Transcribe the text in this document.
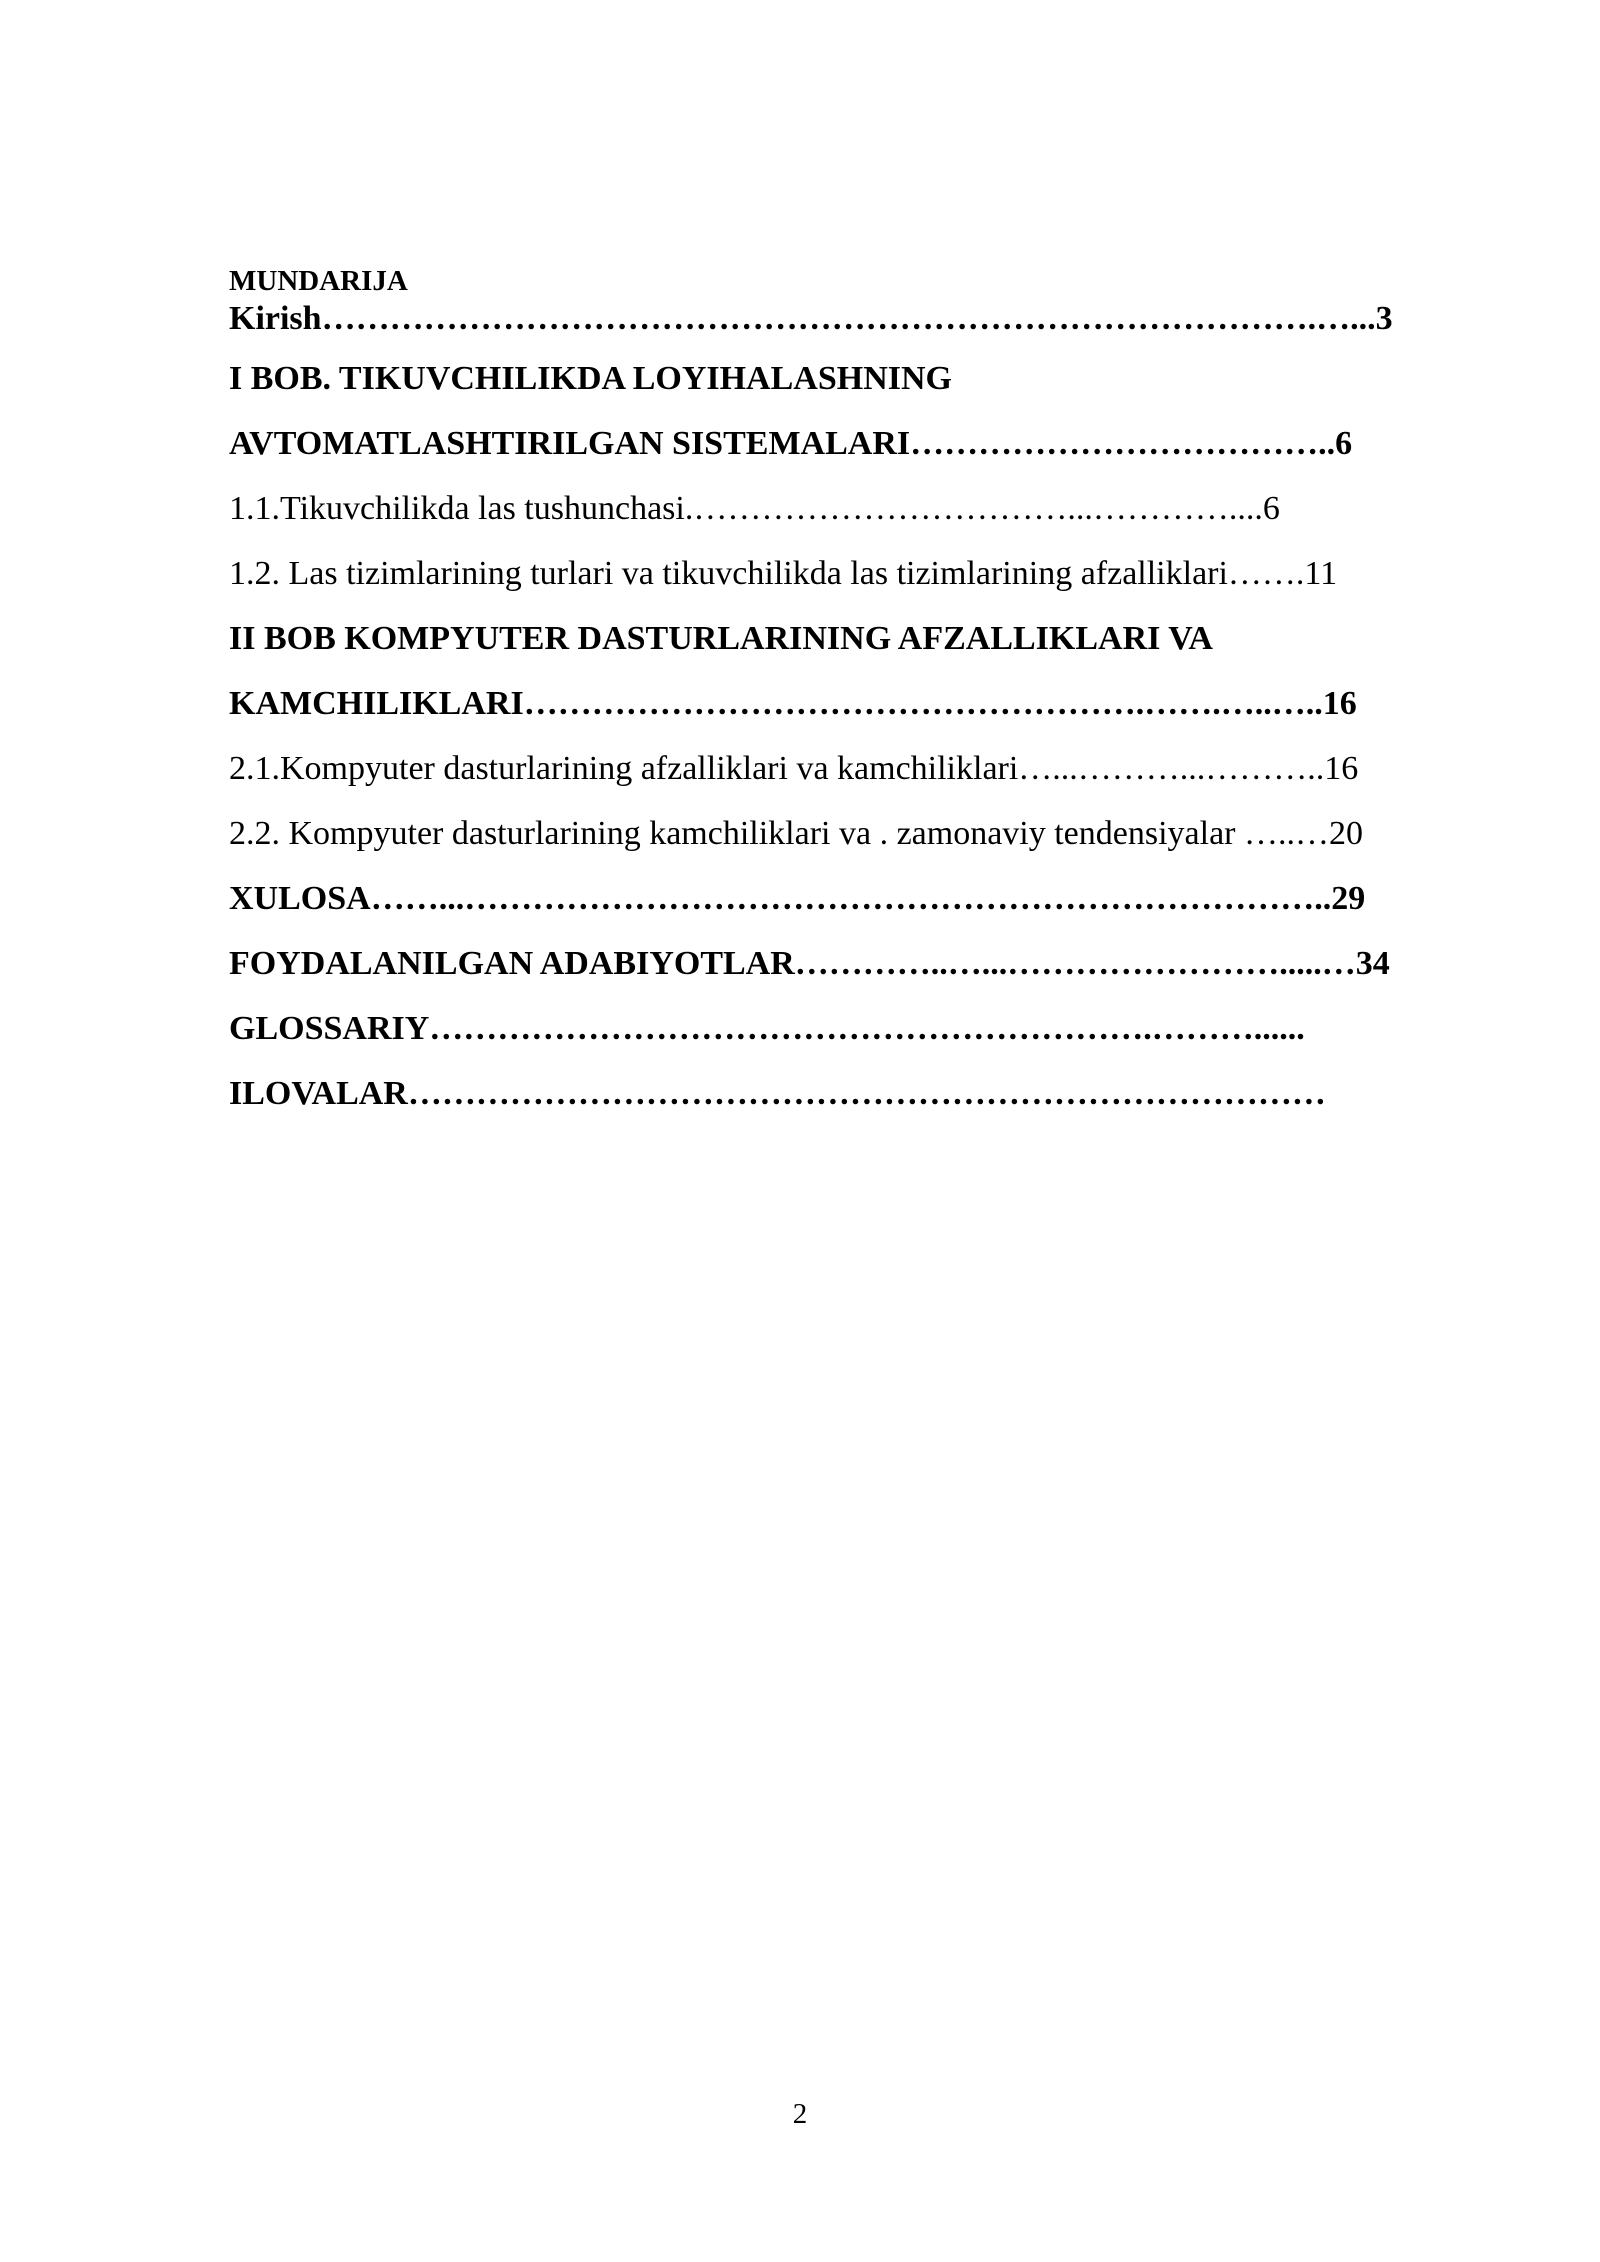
MUNDARIJA
Kirish…………………………………………………………………………….…...3
I BOB. TIKUVCHILIKDA LOYIHALASHNING
AVTOMATLASHTIRILGAN SISTEMALARI………………………………..6
1.1.Tikuvchilikda las tushunchasi.……………………………...…………....6
1.2. Las tizimlarining turlari va tikuvchilikda las tizimlarining afzalliklari…….11
II BOB KOMPYUTER DASTURLARINING AFZALLIKLARI VA
KAMCHILIKLARI……………………………………………….…….…..…..16
2.1.Kompyuter dasturlarining afzalliklari va kamchiliklari…...………...………..16
2.2. Kompyuter dasturlarining kamchiliklari va . zamonaviy tendensiyalar …..…20
XULOSA……...…………………………………………………………………..29
FOYDALANILGAN ADABIYOTLAR…………..…...…………………….....…34
GLOSSARIY……………………………………………………….………......
ILOVALAR………………………………………………………………………
2
